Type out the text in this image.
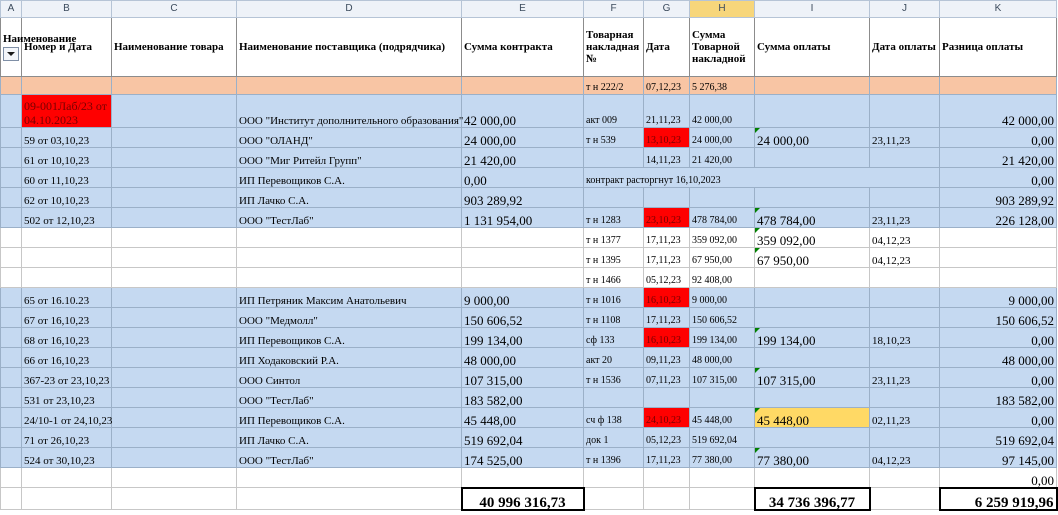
A	B	C	D	E	F	G	H	I	J	K
Наименование	Номер и Дата	Наименование товара	Наименование поставщика (подрядчика)	Сумма контракта	Товарная накладная №	Дата	Сумма Товарной накладной	Сумма оплаты	Дата оплаты	Разница оплаты
					т н 222/2	07,12,23	5 276,38			
	09-001Лаб/23 от 04.10.2023		ООО "Институт дополнительного образования"	42 000,00	акт 009	21,11,23	42 000,00			42 000,00
	59 от 03,10,23		ООО "ОЛАНД"	24 000,00	т н 539	13,10,23	24 000,00	24 000,00	23,11,23	0,00
	61 от 10,10,23		ООО "Миг Ритейл Групп"	21 420,00		14,11,23	21 420,00			21 420,00
	60 от 11,10,23		ИП Перевощиков С.А.	0,00	контракт расторгнут 16,10,2023					0,00
	62 от 10,10,23		ИП Лачко С.А.	903 289,92						903 289,92
	502 от 12,10,23		ООО "ТестЛаб"	1 131 954,00	т н 1283	23,10,23	478 784,00	478 784,00	23,11,23	226 128,00
					т н 1377	17,11,23	359 092,00	359 092,00	04,12,23	
					т н 1395	17,11,23	67 950,00	67 950,00	04,12,23	
					т н 1466	05,12,23	92 408,00			
	65 от 16.10.23		ИП Петряник Максим Анатольевич	9 000,00	т н 1016	16,10,23	9 000,00			9 000,00
	67 от 16,10,23		ООО "Медмолл"	150 606,52	т н 1108	17,11,23	150 606,52			150 606,52
	68 от 16,10,23		ИП Перевощиков С.А.	199 134,00	сф 133	16,10,23	199 134,00	199 134,00	18,10,23	0,00
	66 от 16,10,23		ИП Ходаковский Р.А.	48 000,00	акт 20	09,11,23	48 000,00			48 000,00
	367-23 от 23,10,23		ООО Синтол	107 315,00	т н 1536	07,11,23	107 315,00	107 315,00	23,11,23	0,00
	531 от 23,10,23		ООО "ТестЛаб"	183 582,00						183 582,00
	24/10-1 от 24,10,23		ИП Перевощиков С.А.	45 448,00	сч ф 138	24,10,23	45 448,00	45 448,00	02,11,23	0,00
	71 от 26,10,23		ИП Лачко С.А.	519 692,04	док 1	05,12,23	519 692,04			519 692,04
	524 от 30,10,23		ООО "ТестЛаб"	174 525,00	т н 1396	17,11,23	77 380,00	77 380,00	04,12,23	97 145,00
										0,00
				40 996 316,73				34 736 396,77		6 259 919,96
